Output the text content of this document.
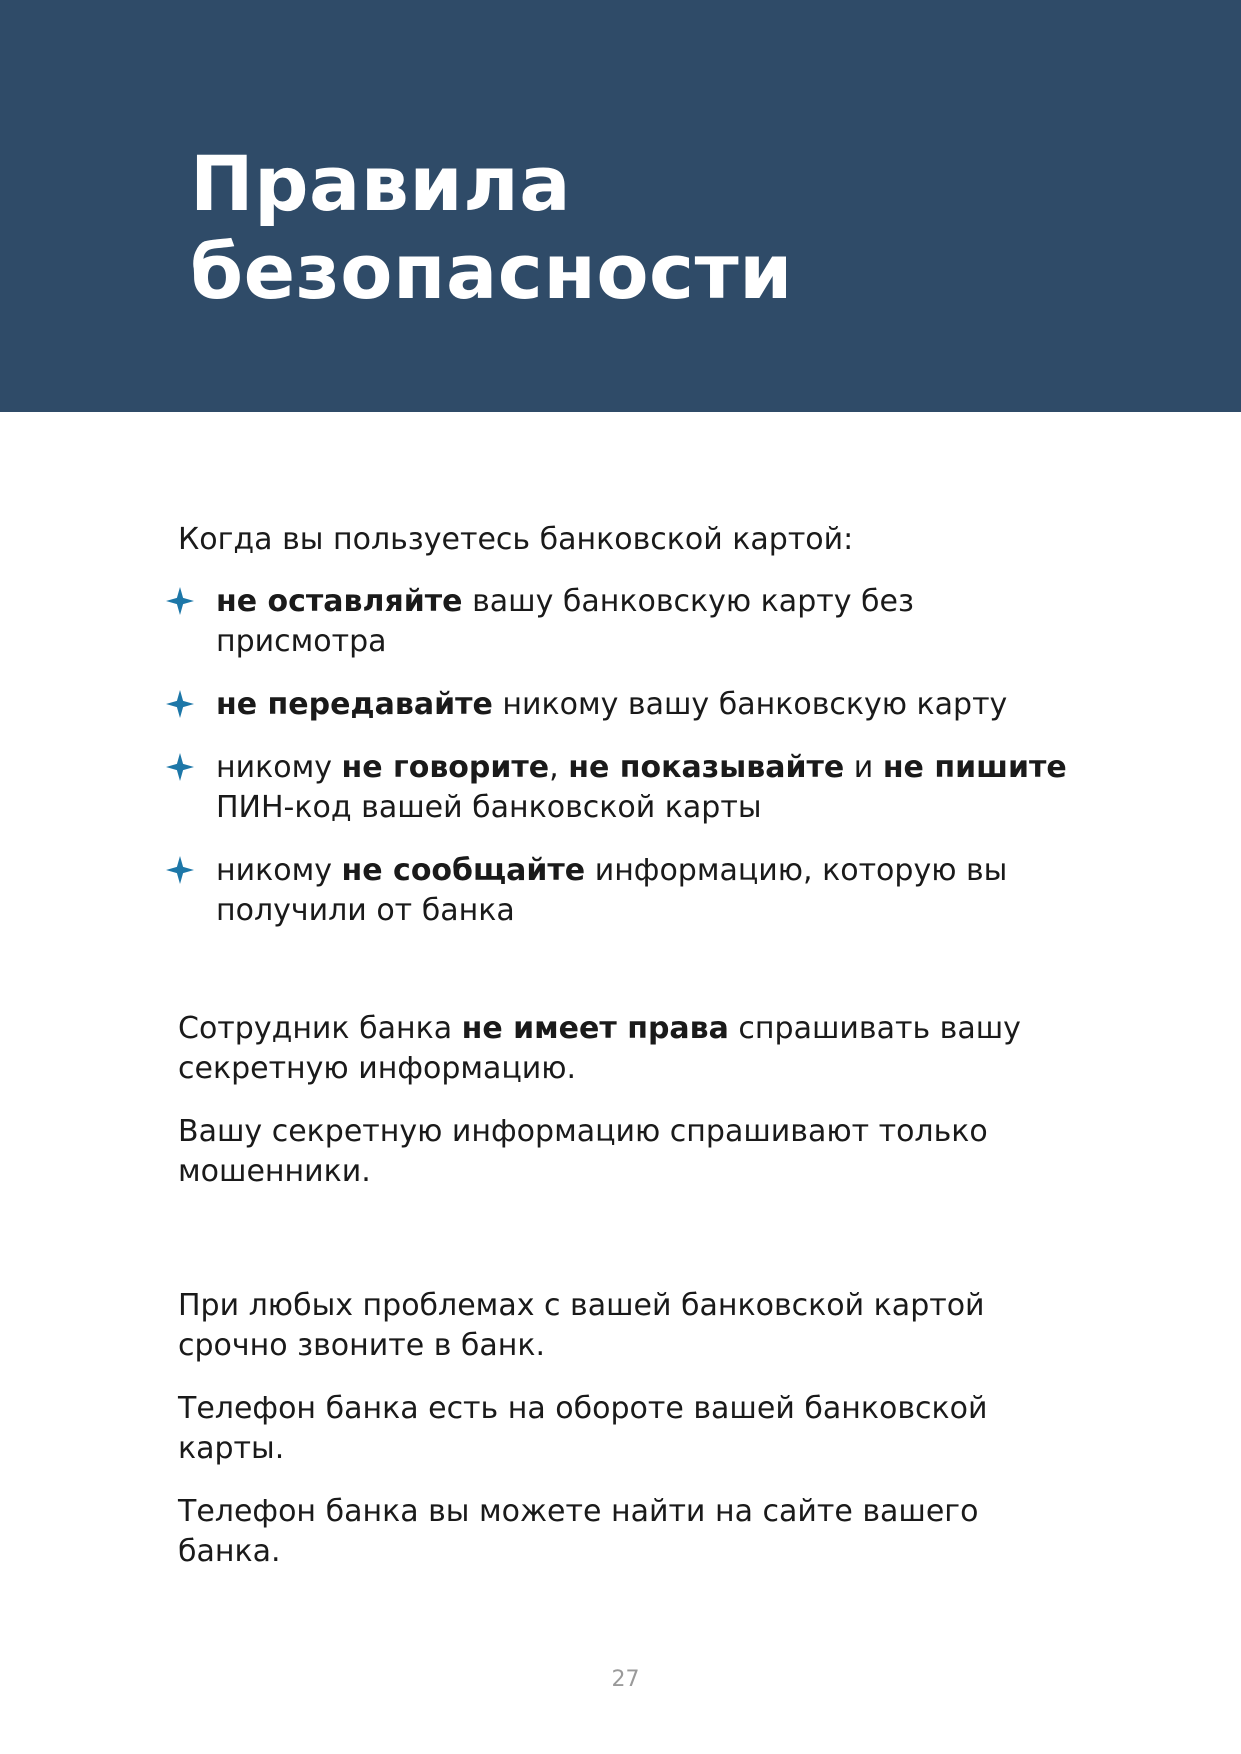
Правила
безопасности

Когда вы пользуетесь банковской картой:

не оставляйте вашу банковскую карту без присмотра
не передавайте никому вашу банковскую карту
никому не говорите, не показывайте и не пишите ПИН-код вашей банковской карты
никому не сообщайте информацию, которую вы получили от банка

Сотрудник банка не имеет права спрашивать вашу секретную информацию.

Вашу секретную информацию спрашивают только мошенники.

При любых проблемах с вашей банковской картой срочно звоните в банк.

Телефон банка есть на обороте вашей банковской карты.

Телефон банка вы можете найти на сайте вашего банка.

27
